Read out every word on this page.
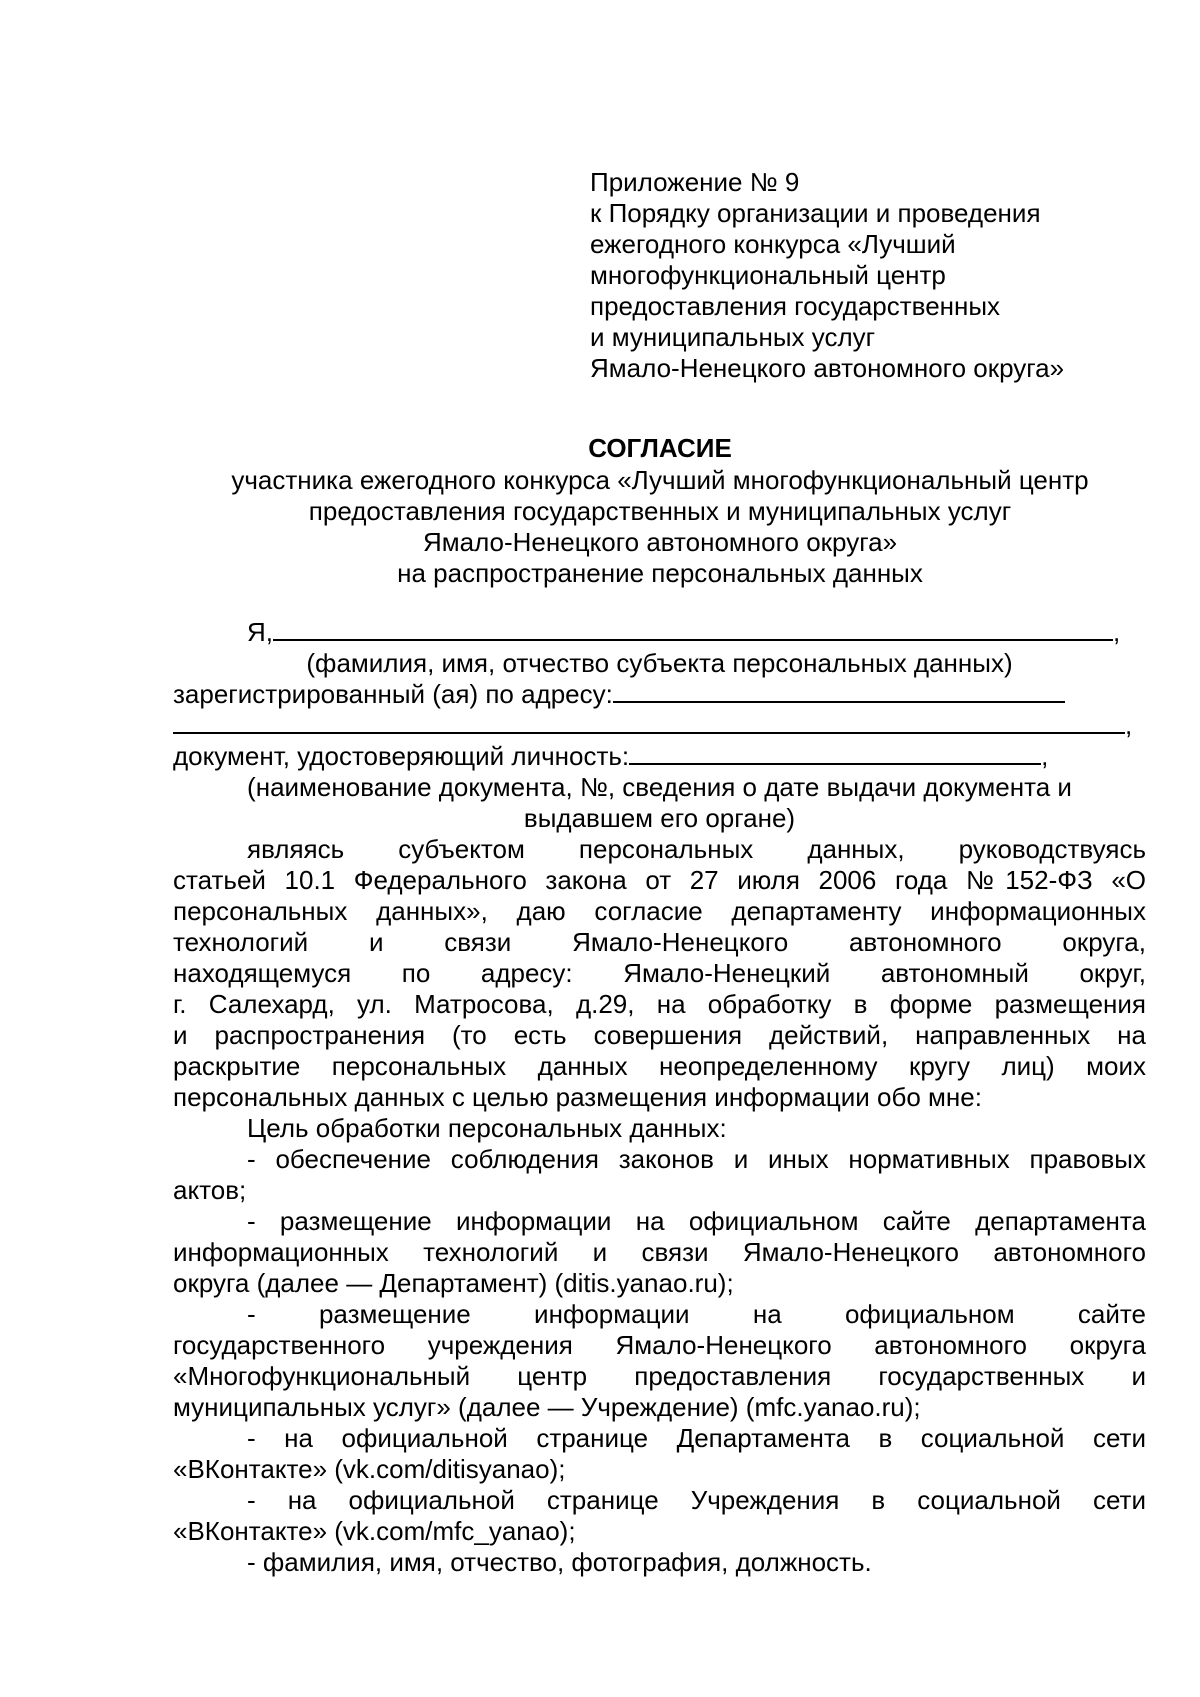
Приложение № 9
к Порядку организации и проведения
ежегодного конкурса «Лучший
многофункциональный центр
предоставления государственных
и муниципальных услуг
Ямало-Ненецкого автономного округа»
СОГЛАСИЕ
участника ежегодного конкурса «Лучший многофункциональный центр
предоставления государственных и муниципальных услуг
Ямало-Ненецкого автономного округа»
на распространение персональных данных
Я,	,
(фамилия, имя, отчество субъекта персональных данных)
зарегистрированный (ая) по адресу:
,
документ, удостоверяющий личность:	,
(наименование документа, №, сведения о дате выдачи документа и
выдавшем его органе)
являясь субъектом персональных данных, руководствуясь
статьей 10.1 Федерального закона от 27 июля 2006 года №152-ФЗ «О
персональных данных», даю согласие департаменту информационных
технологий и связи Ямало-Ненецкого автономного округа,
находящемуся по адресу: Ямало-Ненецкий автономный округ,
г. Салехард, ул. Матросова, д.29, на обработку в форме размещения
и распространения (то есть совершения действий, направленных на
раскрытие персональных данных неопределенному кругу лиц) моих
персональных данных с целью размещения информации обо мне:
Цель обработки персональных данных:
- обеспечение соблюдения законов и иных нормативных правовых
актов;
- размещение информации на официальном сайте департамента
информационных технологий и связи Ямало-Ненецкого автономного
округа (далее — Департамент) (ditis.yanao.ru);
- размещение информации на официальном сайте
государственного учреждения Ямало-Ненецкого автономного округа
«Многофункциональный центр предоставления государственных и
муниципальных услуг» (далее — Учреждение) (mfc.yanao.ru);
- на официальной странице Департамента в социальной сети
«ВКонтакте» (vk.com/ditisyanao);
- на официальной странице Учреждения в социальной сети
«ВКонтакте» (vk.com/mfc_yanao);
- фамилия, имя, отчество, фотография, должность.
